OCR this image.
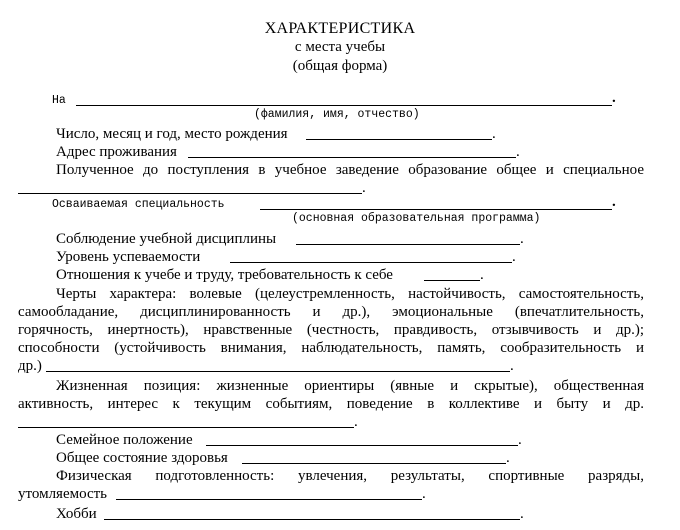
ХАРАКТЕРИСТИКА
с места учебы
(общая форма)
На	.
(фамилия, имя, отчество)
Число, месяц и год, место рождения	.
Адрес проживания	.
Полученное до поступления в учебное заведение образование общее и специальное
.
Осваиваемая специальность	.
(основная образовательная программа)
Соблюдение учебной дисциплины	.
Уровень успеваемости	.
Отношения к учебе и труду, требовательность к себе	.
Черты характера: волевые (целеустремленность, настойчивость, самостоятельность,
самообладание, дисциплинированность и др.), эмоциональные (впечатлительность,
горячность, инертность), нравственные (честность, правдивость, отзывчивость и др.);
способности (устойчивость внимания, наблюдательность, память, сообразительность и
др.)	.
Жизненная позиция: жизненные ориентиры (явные и скрытые), общественная
активность, интерес к текущим событиям, поведение в коллективе и быту и др.
.
Семейное положение	.
Общее состояние здоровья	.
Физическая подготовленность: увлечения, результаты, спортивные разряды,
утомляемость	.
Хобби	.
